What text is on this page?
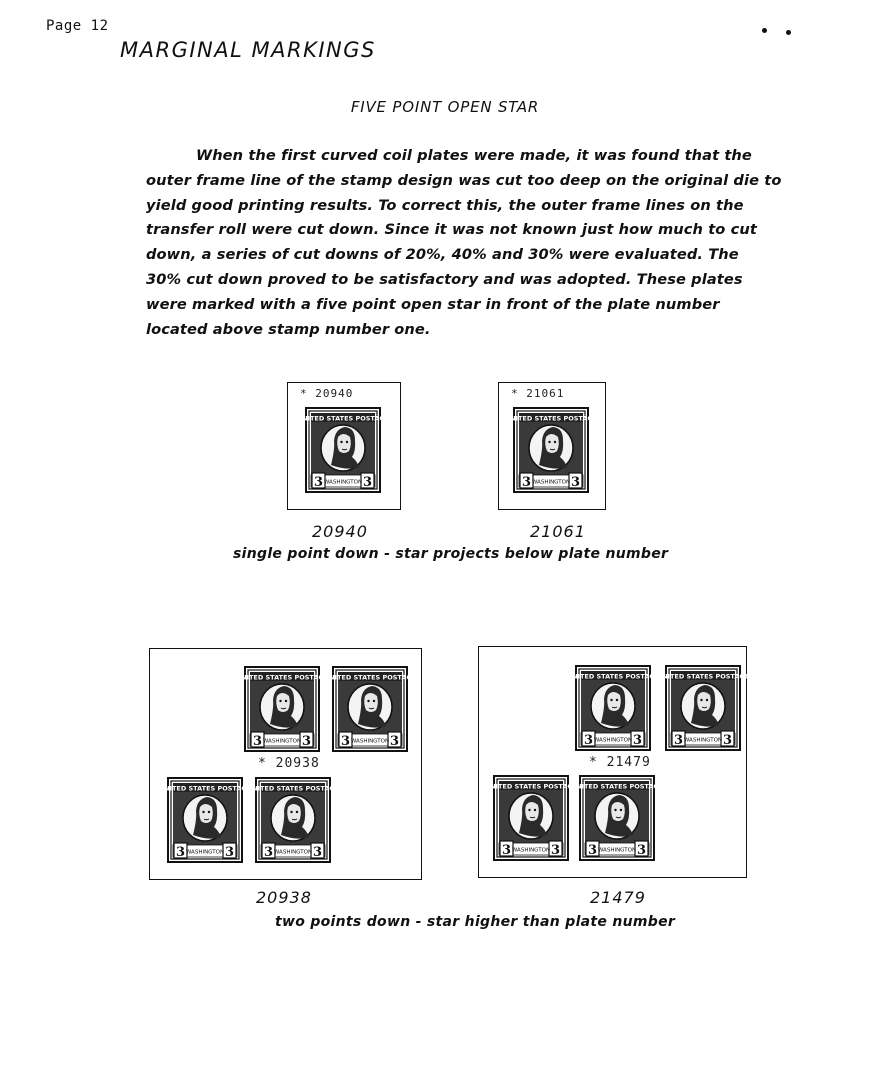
Page 12
MARGINAL MARKINGS
FIVE POINT OPEN STAR
When the first curved coil plates were made, it was found that the
outer frame line of the stamp design was cut too deep on the original die to
yield good printing results. To correct this, the outer frame lines on the
transfer roll were cut down. Since it was not known just how much to cut
down, a series of cut downs of 20%, 40% and 30% were evaluated. The
30% cut down proved to be satisfactory and was adopted. These plates
were marked with a five point open star in front of the plate number
located above stamp number one.
* 20940
UNITED STATES POSTAGE
3	3
WASHINGTON
20940
* 21061
UNITED STATES POSTAGE
3	3
WASHINGTON
21061
single point down - star projects below plate number
UNITED STATES POSTAGE
3	3
WASHINGTON
UNITED STATES POSTAGE
3	3
WASHINGTON
* 20938
UNITED STATES POSTAGE
3	3
WASHINGTON
UNITED STATES POSTAGE
3	3
WASHINGTON
20938
UNITED STATES POSTAGE
3	3
WASHINGTON
UNITED STATES POSTAGE
3	3
WASHINGTON
* 21479
UNITED STATES POSTAGE
3	3
WASHINGTON
UNITED STATES POSTAGE
3	3
WASHINGTON
21479
two points down - star higher than plate number
